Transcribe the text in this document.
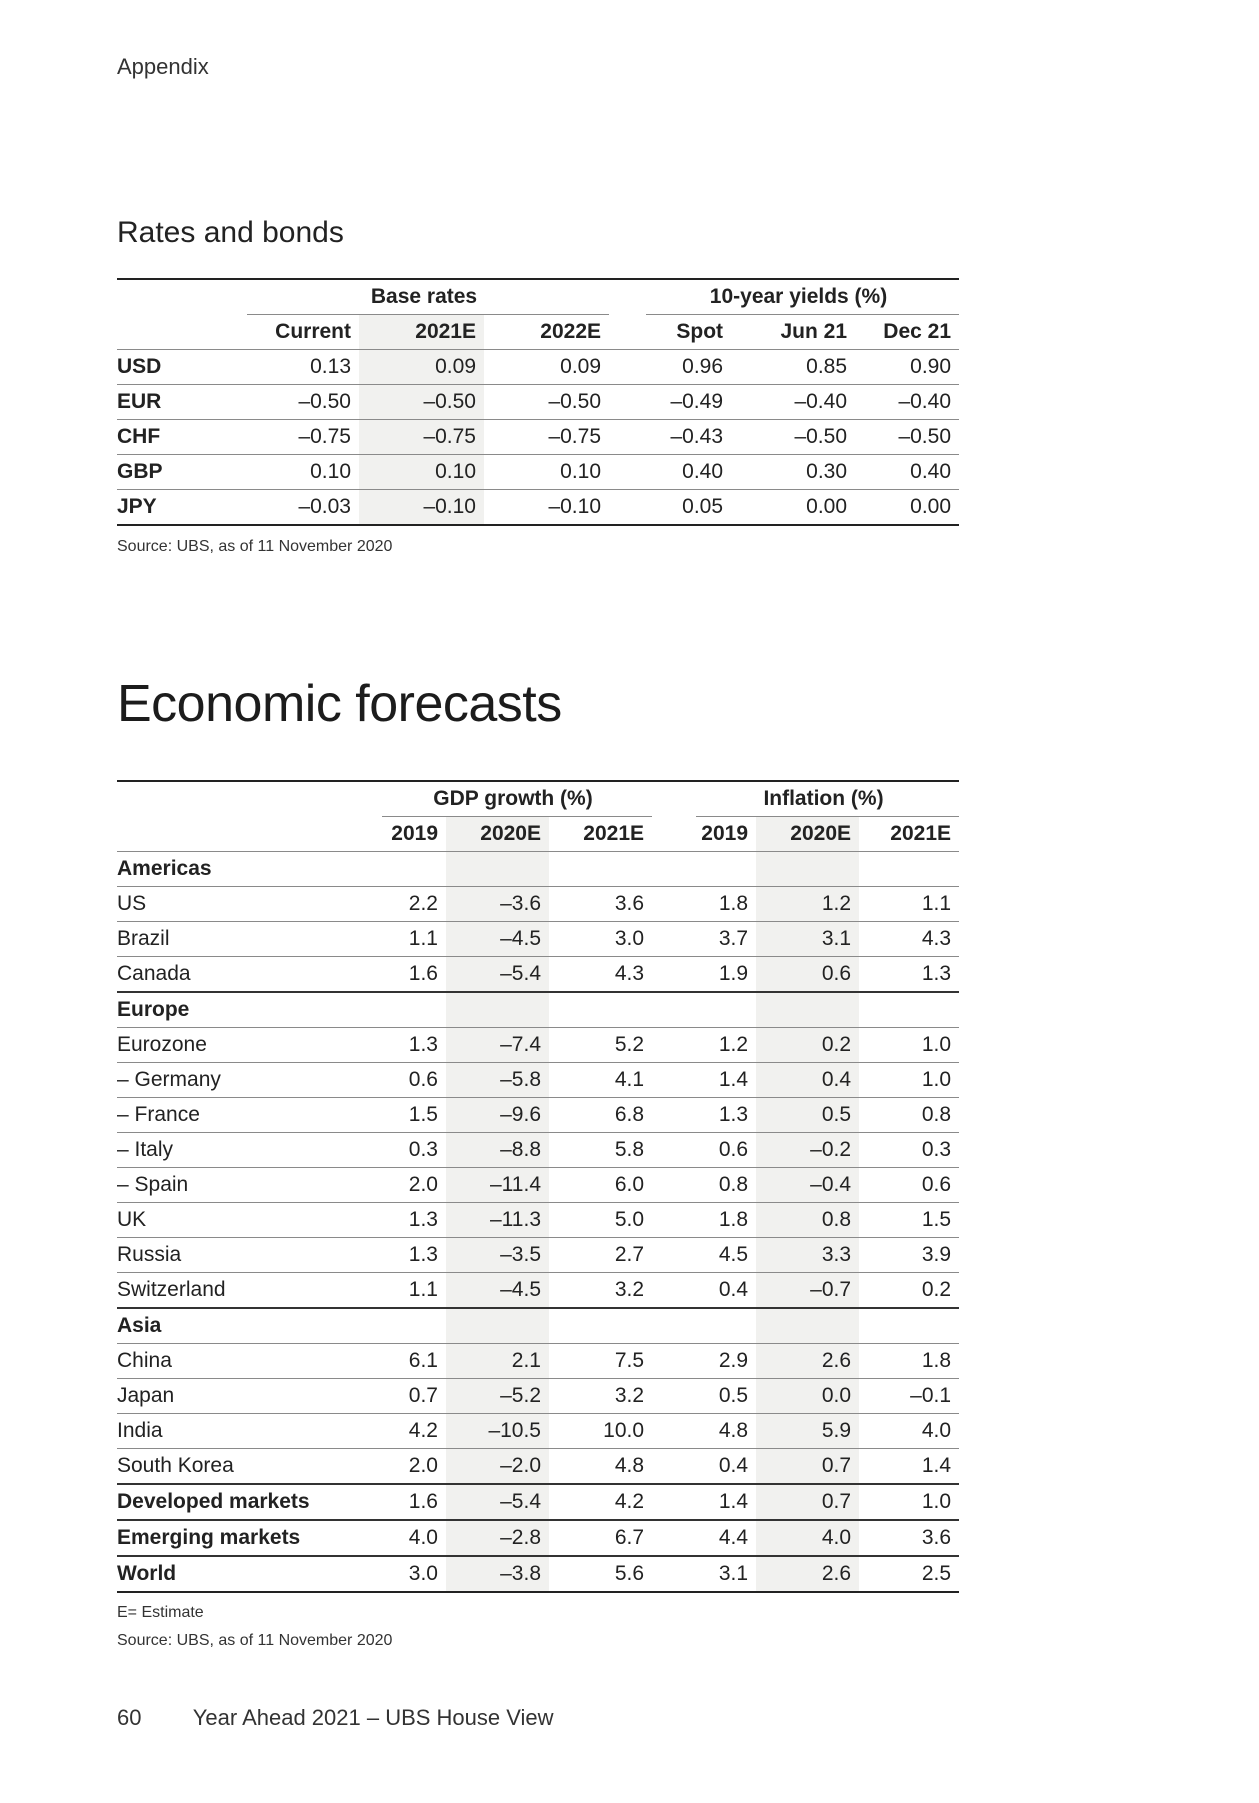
Appendix
Rates and bonds
	Base rates				10-year yields (%)		
	Current	2021E	2022E		Spot	Jun 21	Dec 21
USD	0.13	0.09	0.09		0.96	0.85	0.90
EUR	–0.50	–0.50	–0.50		–0.49	–0.40	–0.40
CHF	–0.75	–0.75	–0.75		–0.43	–0.50	–0.50
GBP	0.10	0.10	0.10		0.40	0.30	0.40
JPY	–0.03	–0.10	–0.10		0.05	0.00	0.00
Source: UBS, as of 11 November 2020
Economic forecasts
	GDP growth (%)				Inflation (%)		
	2019	2020E	2021E		2019	2020E	2021E
Americas							
US	2.2	–3.6	3.6		1.8	1.2	1.1
Brazil	1.1	–4.5	3.0		3.7	3.1	4.3
Canada	1.6	–5.4	4.3		1.9	0.6	1.3
Europe							
Eurozone	1.3	–7.4	5.2		1.2	0.2	1.0
– Germany	0.6	–5.8	4.1		1.4	0.4	1.0
– France	1.5	–9.6	6.8		1.3	0.5	0.8
– Italy	0.3	–8.8	5.8		0.6	–0.2	0.3
– Spain	2.0	–11.4	6.0		0.8	–0.4	0.6
UK	1.3	–11.3	5.0		1.8	0.8	1.5
Russia	1.3	–3.5	2.7		4.5	3.3	3.9
Switzerland	1.1	–4.5	3.2		0.4	–0.7	0.2
Asia							
China	6.1	2.1	7.5		2.9	2.6	1.8
Japan	0.7	–5.2	3.2		0.5	0.0	–0.1
India	4.2	–10.5	10.0		4.8	5.9	4.0
South Korea	2.0	–2.0	4.8		0.4	0.7	1.4
Developed markets	1.6	–5.4	4.2		1.4	0.7	1.0
Emerging markets	4.0	–2.8	6.7		4.4	4.0	3.6
World	3.0	–3.8	5.6		3.1	2.6	2.5
E= Estimate
Source: UBS, as of 11 November 2020
60 Year Ahead 2021 – UBS House View
